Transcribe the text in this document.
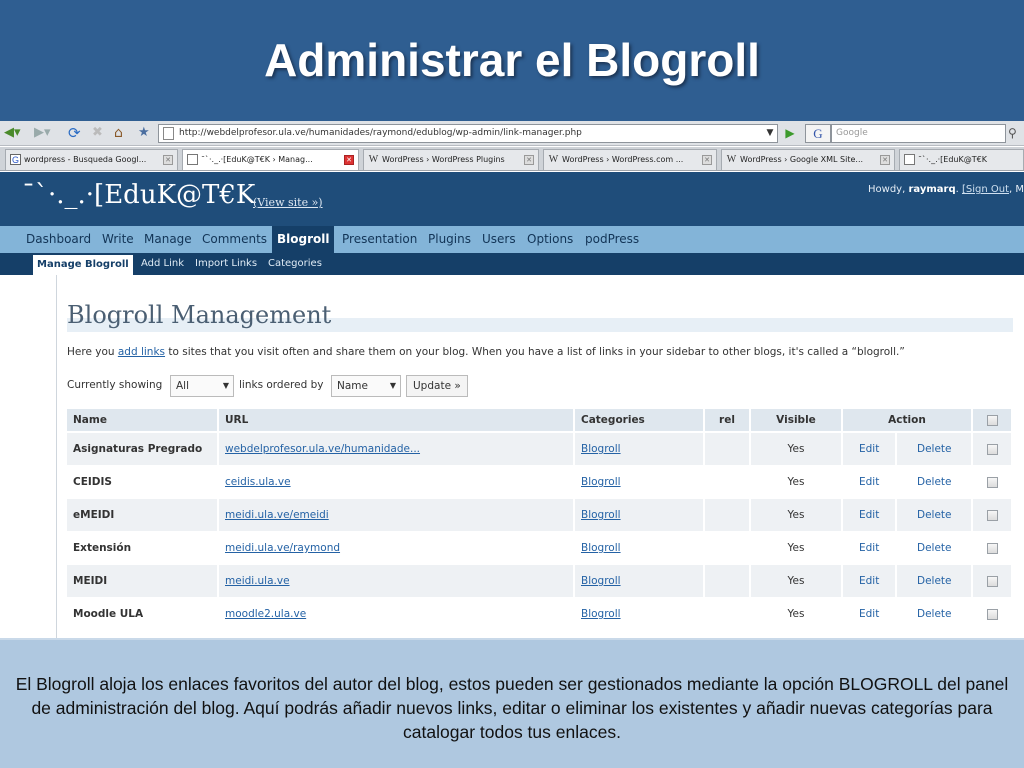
Administrar el Blogroll
◀▾ ▶▾ ⟳ ✖ ⌂ ★	http://webdelprofesor.ula.ve/humanidades/raymond/edublog/wp-admin/link-manager.php	▼ ▶	G	Google	⚲
G wordpress - Busqueda Googl...	✕	¯`·._.·[EduK@T€K › Manag...	✕ W WordPress › WordPress Plugins	✕ W WordPress › WordPress.com ...	✕ W WordPress › Google XML Site...	✕	¯`·._.·[EduK@T€K
¯`·._.·[EduK@T€K
(View site »)
Howdy, raymarq. [Sign Out, M
Dashboard Write Manage Comments Blogroll	Presentation Plugins Users Options podPress
Manage Blogroll	Add Link Import Links Categories
Blogroll Management
Here you add links to sites that you visit often and share them on your blog. When you have a list of links in your sidebar to other blogs, it's called a “blogroll.”
Currently showing	All	▼ links ordered by	Name	▼	Update »
Name	URL	Categories	rel	Visible	Action
Asignaturas Pregrado	webdelprofesor.ula.ve/humanidade...	Blogroll	Yes	Edit	Delete
CEIDIS	ceidis.ula.ve	Blogroll	Yes	Edit	Delete
eMEIDI	meidi.ula.ve/emeidi	Blogroll	Yes	Edit	Delete
Extensión	meidi.ula.ve/raymond	Blogroll	Yes	Edit	Delete
MEIDI	meidi.ula.ve	Blogroll	Yes	Edit	Delete
Moodle ULA	moodle2.ula.ve	Blogroll	Yes	Edit	Delete

El Blogroll aloja los enlaces favoritos del autor del blog, estos pueden ser gestionados mediante la opción BLOGROLL del panel de administración del blog. Aquí podrás añadir nuevos links, editar o eliminar los existentes y añadir nuevas categorías para catalogar todos tus enlaces.
